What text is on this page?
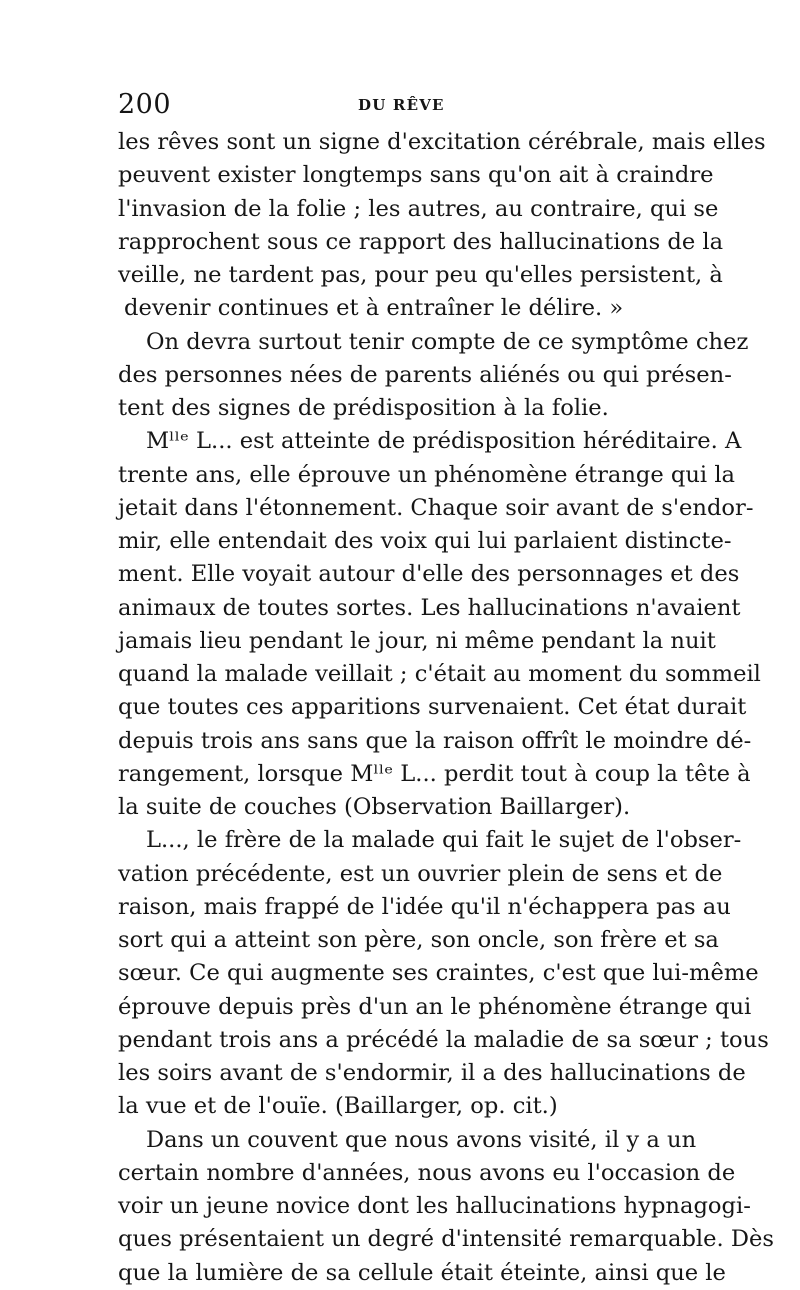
200	DU RÊVE
les rêves sont un signe d'excitation cérébrale, mais elles
peuvent exister longtemps sans qu'on ait à craindre
l'invasion de la folie ; les autres, au contraire, qui se
rapprochent sous ce rapport des hallucinations de la
veille, ne tardent pas, pour peu qu'elles persistent, à
devenir continues et à entraîner le délire. »
On devra surtout tenir compte de ce symptôme chez
des personnes nées de parents aliénés ou qui présen-
tent des signes de prédisposition à la folie.
Mˡˡᵉ L... est atteinte de prédisposition héréditaire. A
trente ans, elle éprouve un phénomène étrange qui la
jetait dans l'étonnement. Chaque soir avant de s'endor-
mir, elle entendait des voix qui lui parlaient distincte-
ment. Elle voyait autour d'elle des personnages et des
animaux de toutes sortes. Les hallucinations n'avaient
jamais lieu pendant le jour, ni même pendant la nuit
quand la malade veillait ; c'était au moment du sommeil
que toutes ces apparitions survenaient. Cet état durait
depuis trois ans sans que la raison offrît le moindre dé-
rangement, lorsque Mˡˡᵉ L... perdit tout à coup la tête à
la suite de couches (Observation Baillarger).
L..., le frère de la malade qui fait le sujet de l'obser-
vation précédente, est un ouvrier plein de sens et de
raison, mais frappé de l'idée qu'il n'échappera pas au
sort qui a atteint son père, son oncle, son frère et sa
sœur. Ce qui augmente ses craintes, c'est que lui-même
éprouve depuis près d'un an le phénomène étrange qui
pendant trois ans a précédé la maladie de sa sœur ; tous
les soirs avant de s'endormir, il a des hallucinations de
la vue et de l'ouïe. (Baillarger, op. cit.)
Dans un couvent que nous avons visité, il y a un
certain nombre d'années, nous avons eu l'occasion de
voir un jeune novice dont les hallucinations hypnagogi-
ques présentaient un degré d'intensité remarquable. Dès
que la lumière de sa cellule était éteinte, ainsi que le
